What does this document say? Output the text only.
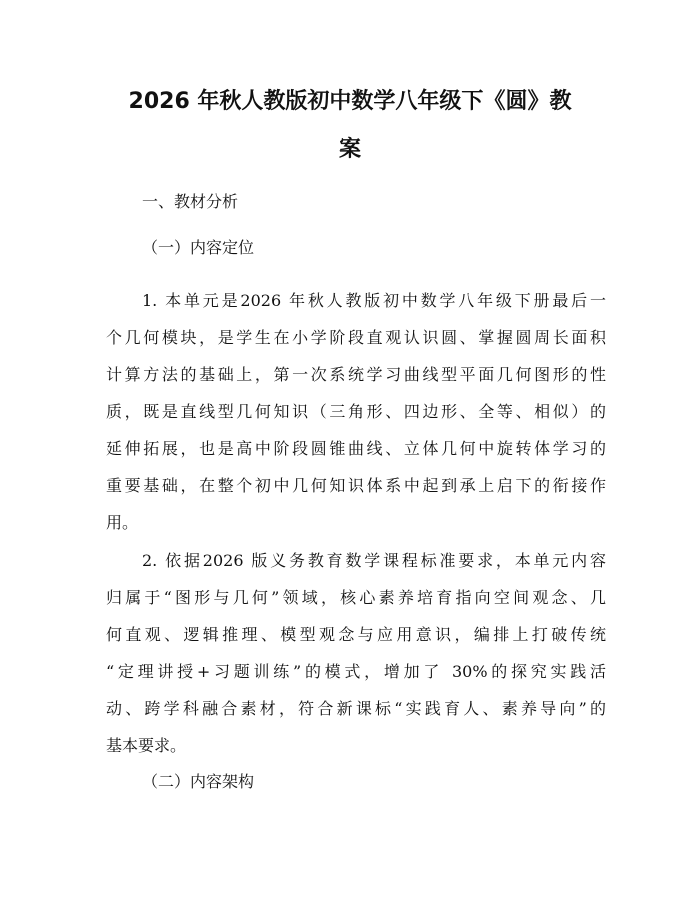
2026 年秋人教版初中数学八年级下《圆》教
案
一、教材分析
（一）内容定位
1. 本单元是2026 年秋人教版初中数学八年级下册最后一
个几何模块，是学生在小学阶段直观认识圆、掌握圆周长面积
计算方法的基础上，第一次系统学习曲线型平面几何图形的性
质，既是直线型几何知识（三角形、四边形、全等、相似）的
延伸拓展，也是高中阶段圆锥曲线、立体几何中旋转体学习的
重要基础，在整个初中几何知识体系中起到承上启下的衔接作
用。
2. 依据2026 版义务教育数学课程标准要求，本单元内容
归属于“图形与几何”领域，核心素养培育指向空间观念、几
何直观、逻辑推理、模型观念与应用意识，编排上打破传统
“定理讲授+习题训练”的模式，增加了 30%的探究实践活
动、跨学科融合素材，符合新课标“实践育人、素养导向”的
基本要求。
（二）内容架构
